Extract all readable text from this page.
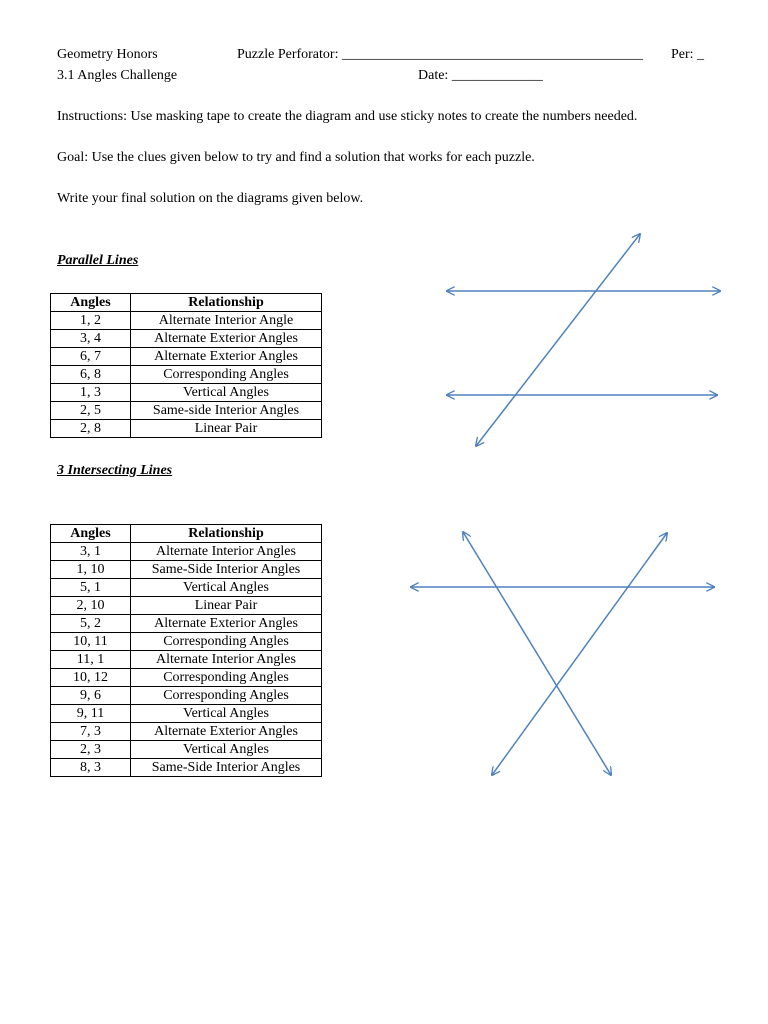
Geometry Honors
3.1 Angles Challenge
Puzzle Perforator: ___________________________________________ Per: _
Date: _____________
Instructions: Use masking tape to create the diagram and use sticky notes to create the numbers needed.
Goal: Use the clues given below to try and find a solution that works for each puzzle.
Write your final solution on the diagrams given below.
Parallel Lines
Angles	Relationship
1, 2	Alternate Interior Angle
3, 4	Alternate Exterior Angles
6, 7	Alternate Exterior Angles
6, 8	Corresponding Angles
1, 3	Vertical Angles
2, 5	Same-side Interior Angles
2, 8	Linear Pair
3 Intersecting Lines
Angles	Relationship
3, 1	Alternate Interior Angles
1, 10	Same-Side Interior Angles
5, 1	Vertical Angles
2, 10	Linear Pair
5, 2	Alternate Exterior Angles
10, 11	Corresponding Angles
11, 1	Alternate Interior Angles
10, 12	Corresponding Angles
9, 6	Corresponding Angles
9, 11	Vertical Angles
7, 3	Alternate Exterior Angles
2, 3	Vertical Angles
8, 3	Same-Side Interior Angles
